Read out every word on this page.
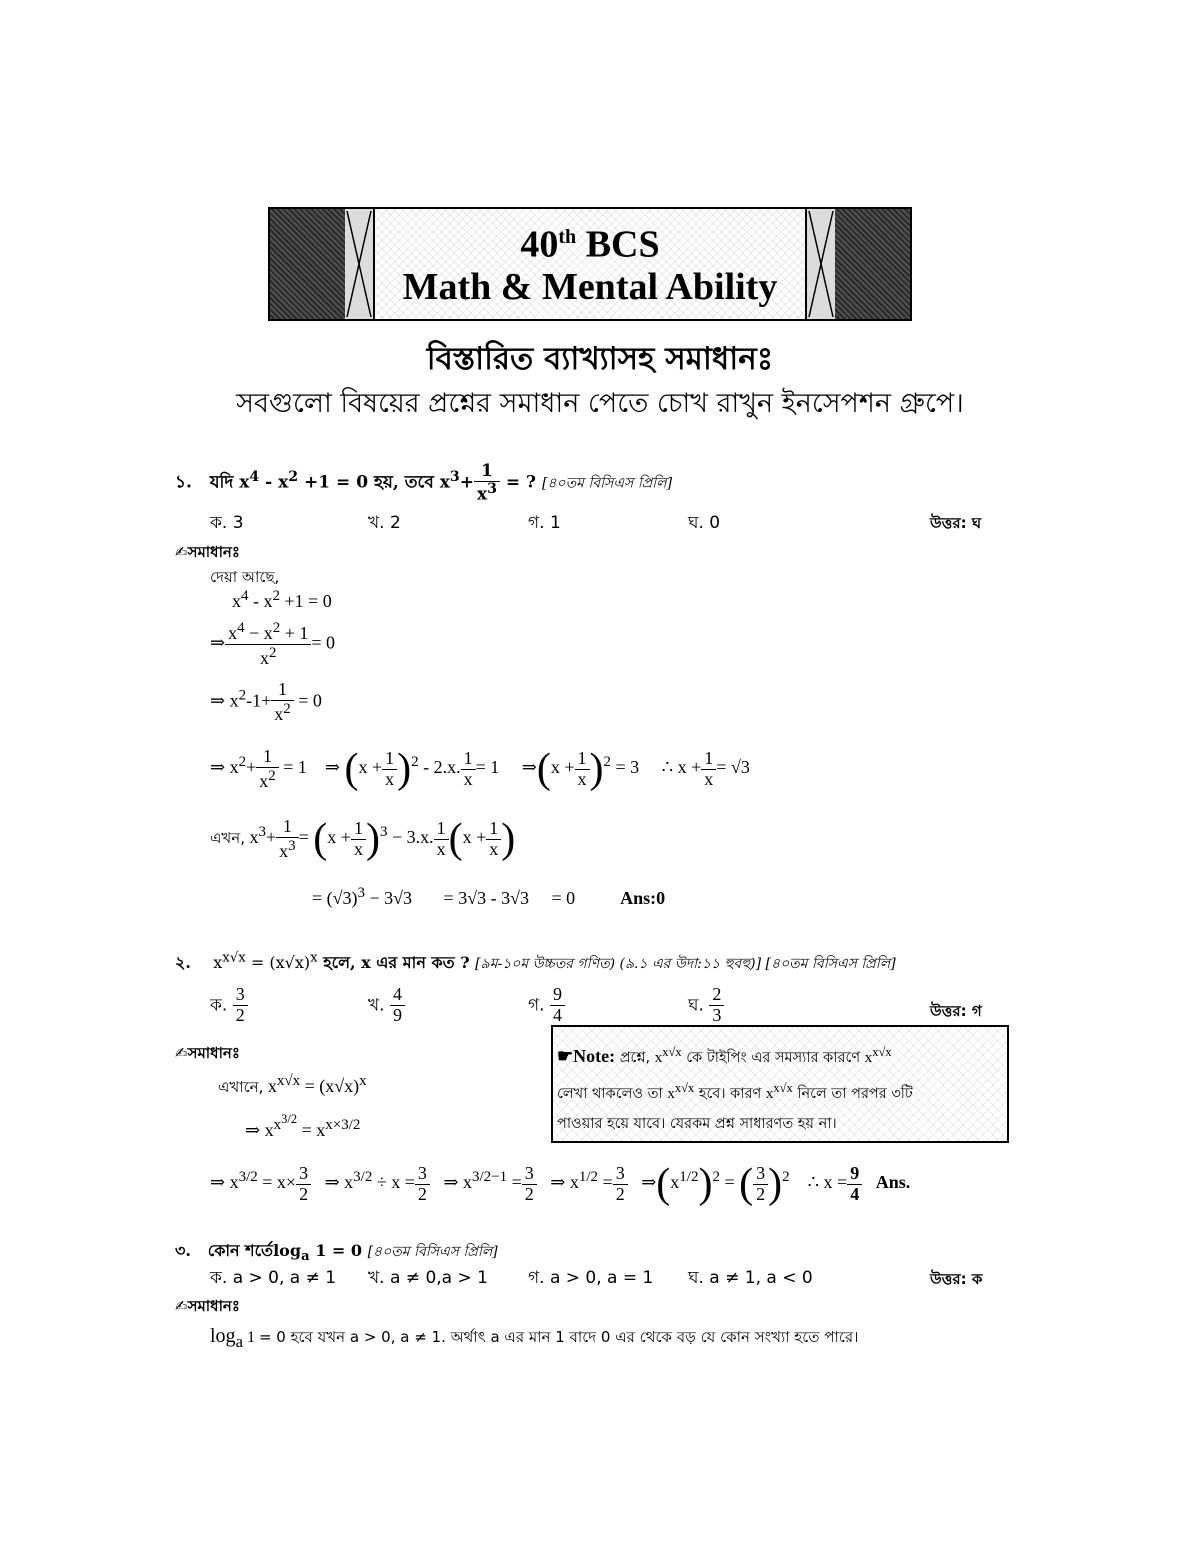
40th BCS
Math & Mental Ability
বিস্তারিত ব্যাখ্যাসহ সমাধানঃ
সবগুলো বিষয়ের প্রশ্নের সমাধান পেতে চোখ রাখুন ইনসেপশন গ্রুপে।
১. যদি $x^4 - x^2 +1 = 0$ হয়, তবে $x^3+ \frac{1}{x^3}$ = ? [৪০তম বিসিএস প্রিলি]
ক. 3	খ. 2	গ. 1	ঘ. 0	উত্তর: ঘ
✍সমাধানঃ
দেয়া আছে,
$x^4 - x^2 +1 = 0$
⇒ $\frac{x^4 - x^2 + 1}{x^2} = 0$
⇒ $x^2-1+ \frac{1}{x^2} = 0$
⇒ $x^2+ \frac{1}{x^2} = 1$    ⇒ $(x + \frac{1}{x} )^2 - 2.x$. $\frac{1}{x} = 1$     ⇒(x + $\frac{1}{x} )^2 = 3$     ∴ $x + \frac{1}{x} = √3$
এখন, $x^3+ \frac{1}{x^3} = (x + \frac{1}{x} )^3 - 3.x$. $\frac{1}{x} (x + \frac{1}{x}$ )
= $(√3)^3 - 3√3$       = 3√3 - 3√3     = 0          Ans:0
২. $x^{x√x} = (x√x)^x$ হলে, x এর মান কত ? [৯ম-১০ম উচ্চতর গণিত) (৯.১ এর উদা:১১ হুবহু)] [৪০তম বিসিএস প্রিলি]
ক. $\frac{3}{2}$	খ. $\frac{4}{9}$	গ. $\frac{9}{4}$	ঘ. $\frac{2}{3}$	উত্তর: গ
✍সমাধানঃ
এখানে, $x^{x√x} = (x√x)^x$
⇒ $x^{x^{3/2}} = x^{x\times 3/2}$
⇒ $x^{3/2} = x\times \frac{3}{2}$ ⇒ $x^{3/2} \div x = \frac{3}{2}$ ⇒ $x^{3/2-1} = \frac{3}{2}$ ⇒ $x^{1/2} = \frac{3}{2}$ $\Rightarrow(x^{1/2})^2$ = ( $\frac{3}{2} )^2$    ∴ $x = \frac{9}{4}$ Ans.
☛Note: প্রশ্নে, $x^{x√x}$ কে টাইপিং এর সমস্যার কারণে $x^{x√x}$
লেখা থাকলেও তা $x^{x√x}$ হবে। কারণ $x^{x√x}$ নিলে তা পরপর ৩টি
পাওয়ার হয়ে যাবে। যেরকম প্রশ্ন সাধারণত হয় না।
৩. কোন $শর্তে\log_a$ 1 = 0 [৪০তম বিসিএস প্রিলি]
ক. a > 0, a ≠ 1 খ. a ≠ 0,a > 1 গ. a > 0, a = 1 ঘ. a ≠ 1, a < 0	উত্তর: ক
✍সমাধানঃ
$\log_a 1 = 0$ হবে যখন a > 0, a ≠ 1. অর্থাৎ a এর মান 1 বাদে 0 এর থেকে বড় যে কোন সংখ্যা হতে পারে।
